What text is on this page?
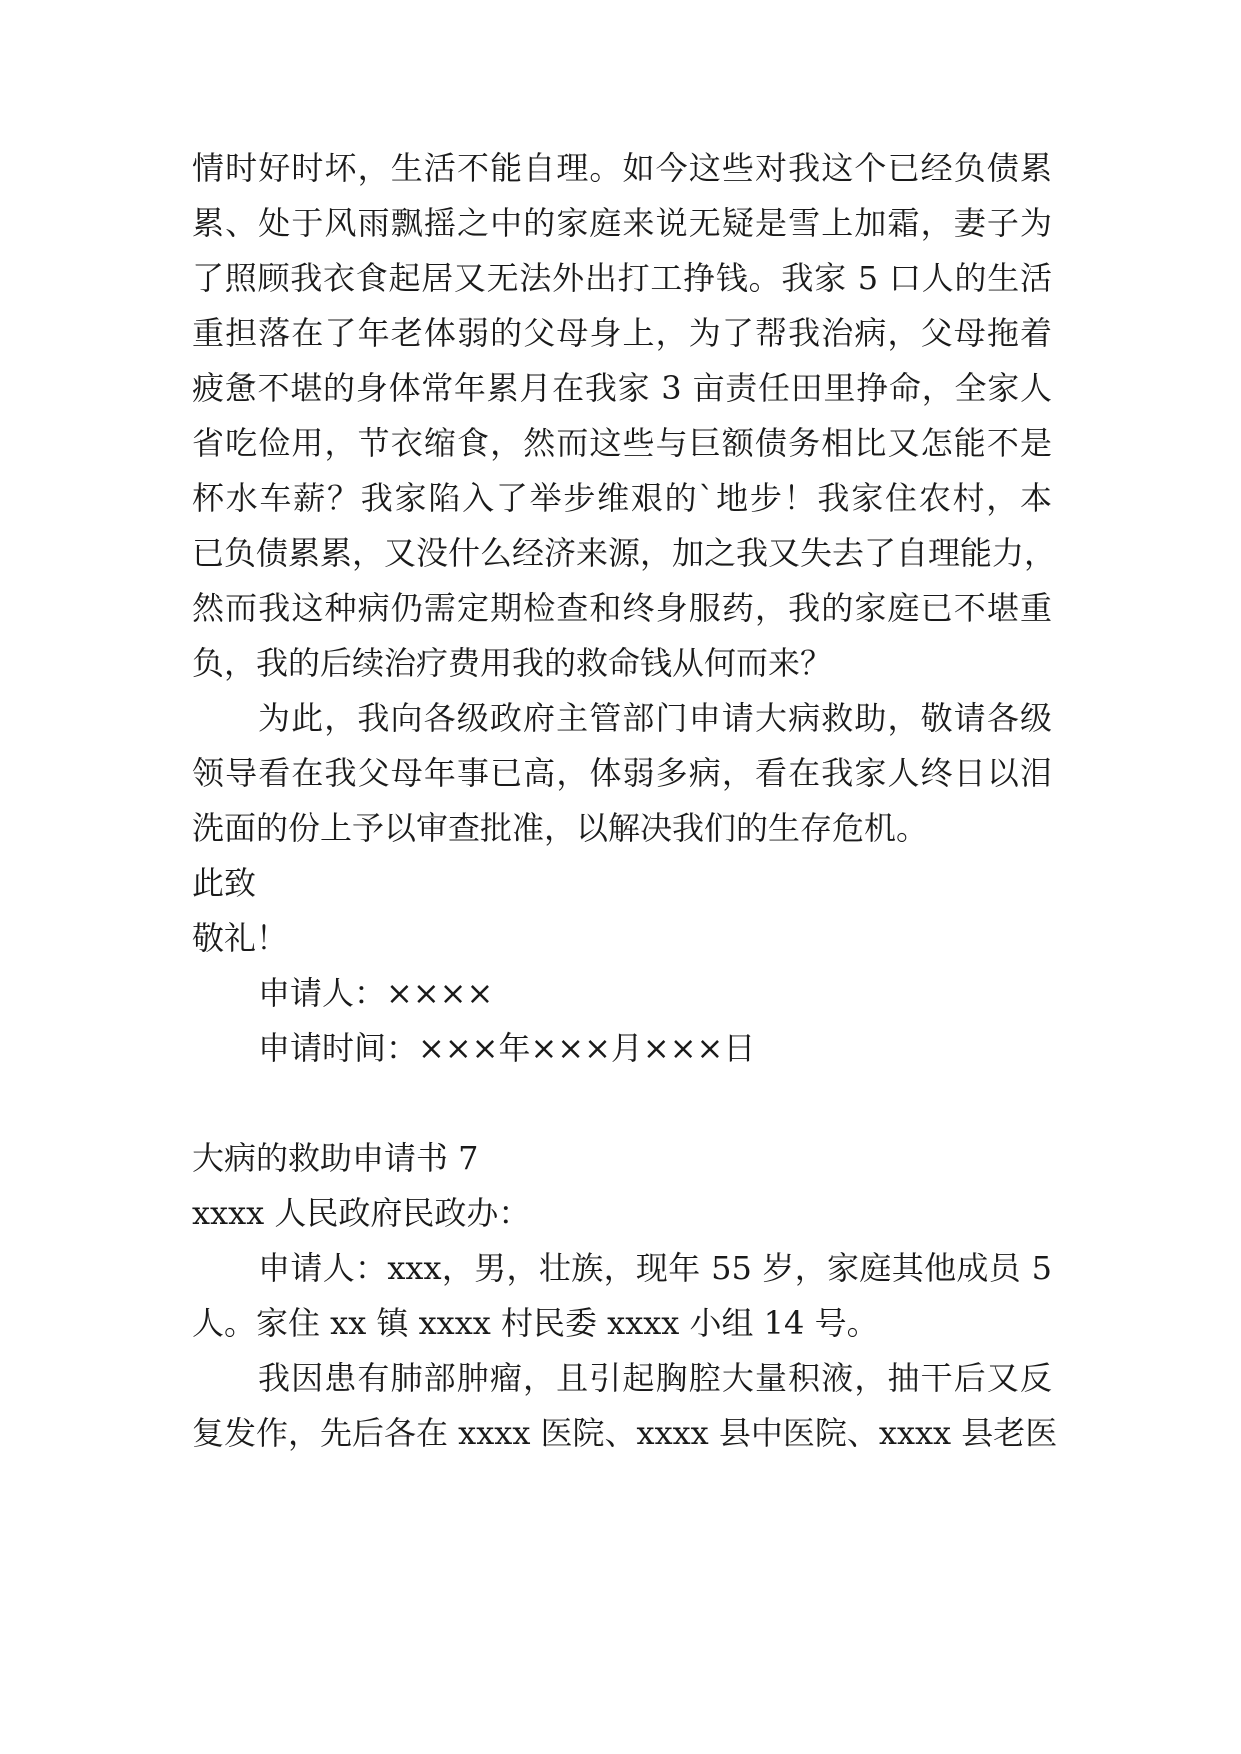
情时好时坏，生活不能自理。如今这些对我这个已经负债累
累、处于风雨飘摇之中的家庭来说无疑是雪上加霜，妻子为
了照顾我衣食起居又无法外出打工挣钱。我家 5 口人的生活
重担落在了年老体弱的父母身上，为了帮我治病，父母拖着
疲惫不堪的身体常年累月在我家 3 亩责任田里挣命，全家人
省吃俭用，节衣缩食，然而这些与巨额债务相比又怎能不是
杯水车薪？我家陷入了举步维艰的`地步！我家住农村，本
已负债累累，又没什么经济来源，加之我又失去了自理能力，
然而我这种病仍需定期检查和终身服药，我的家庭已不堪重
负，我的后续治疗费用我的救命钱从何而来？
为此，我向各级政府主管部门申请大病救助，敬请各级
领导看在我父母年事已高，体弱多病，看在我家人终日以泪
洗面的份上予以审查批准，以解决我们的生存危机。
此致
敬礼！
申请人：××××
申请时间：×××年×××月×××日
大病的救助申请书 7
xxxx 人民政府民政办：
申请人：xxx，男，壮族，现年 55 岁，家庭其他成员 5
人。家住 xx 镇 xxxx 村民委 xxxx 小组 14 号。
我因患有肺部肿瘤，且引起胸腔大量积液，抽干后又反
复发作，先后各在 xxxx 医院、xxxx 县中医院、xxxx 县老医
